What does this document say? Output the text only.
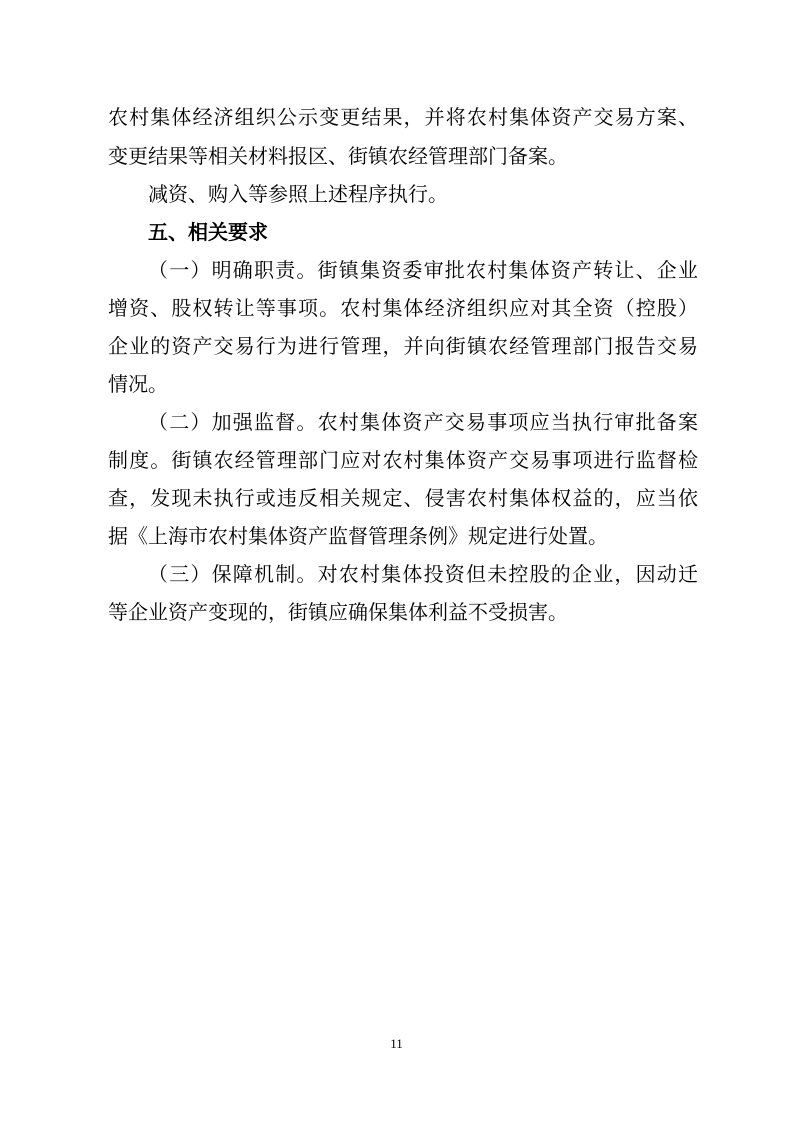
农村集体经济组织公示变更结果，并将农村集体资产交易方案、
变更结果等相关材料报区、街镇农经管理部门备案。
减资、购入等参照上述程序执行。
五、相关要求
（一）明确职责。街镇集资委审批农村集体资产转让、企业
增资、股权转让等事项。农村集体经济组织应对其全资（控股）
企业的资产交易行为进行管理，并向街镇农经管理部门报告交易
情况。
（二）加强监督。农村集体资产交易事项应当执行审批备案
制度。街镇农经管理部门应对农村集体资产交易事项进行监督检
查，发现未执行或违反相关规定、侵害农村集体权益的，应当依
据《上海市农村集体资产监督管理条例》规定进行处置。
（三）保障机制。对农村集体投资但未控股的企业，因动迁
等企业资产变现的，街镇应确保集体利益不受损害。
11
